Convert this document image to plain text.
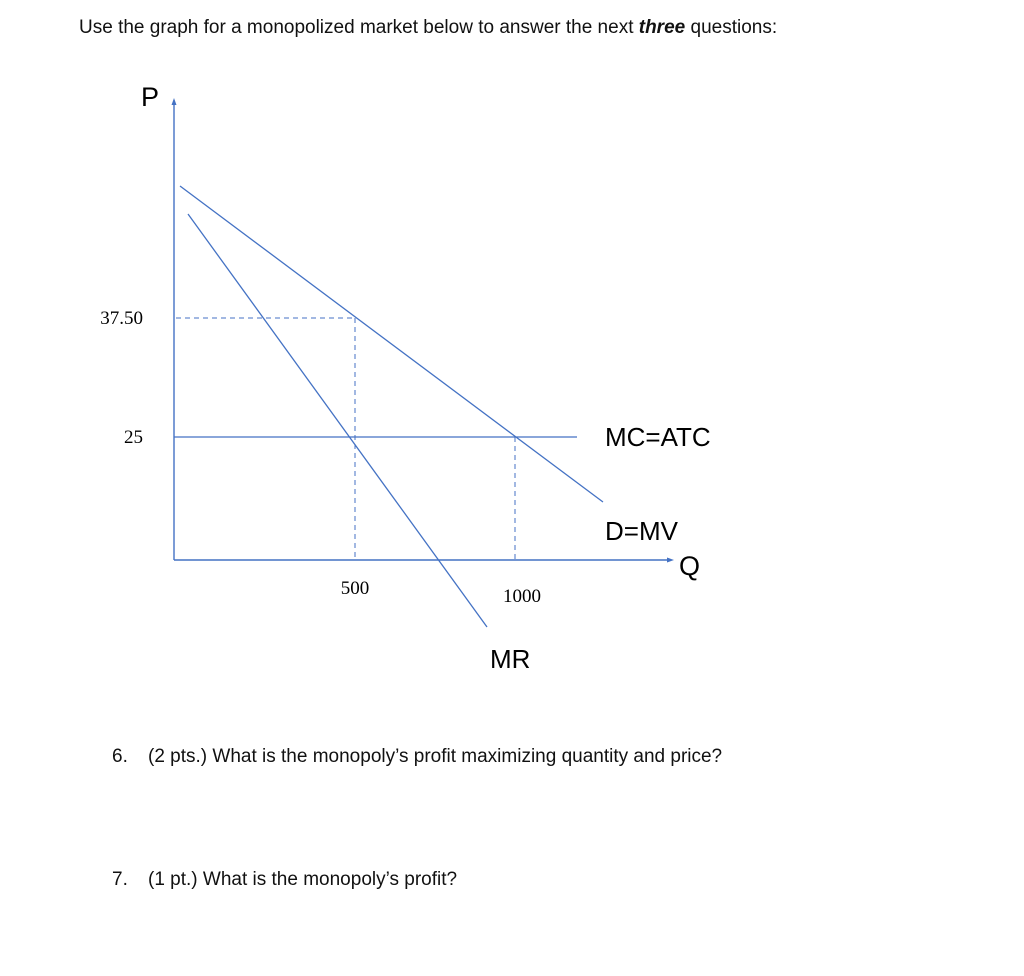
Use the graph for a monopolized market below to answer the next three questions:
P
Q
37.50
25
500	1000
MC=ATC
D=MV
MR
6. (2 pts.) What is the monopoly’s profit maximizing quantity and price?
7. (1 pt.) What is the monopoly’s profit?
